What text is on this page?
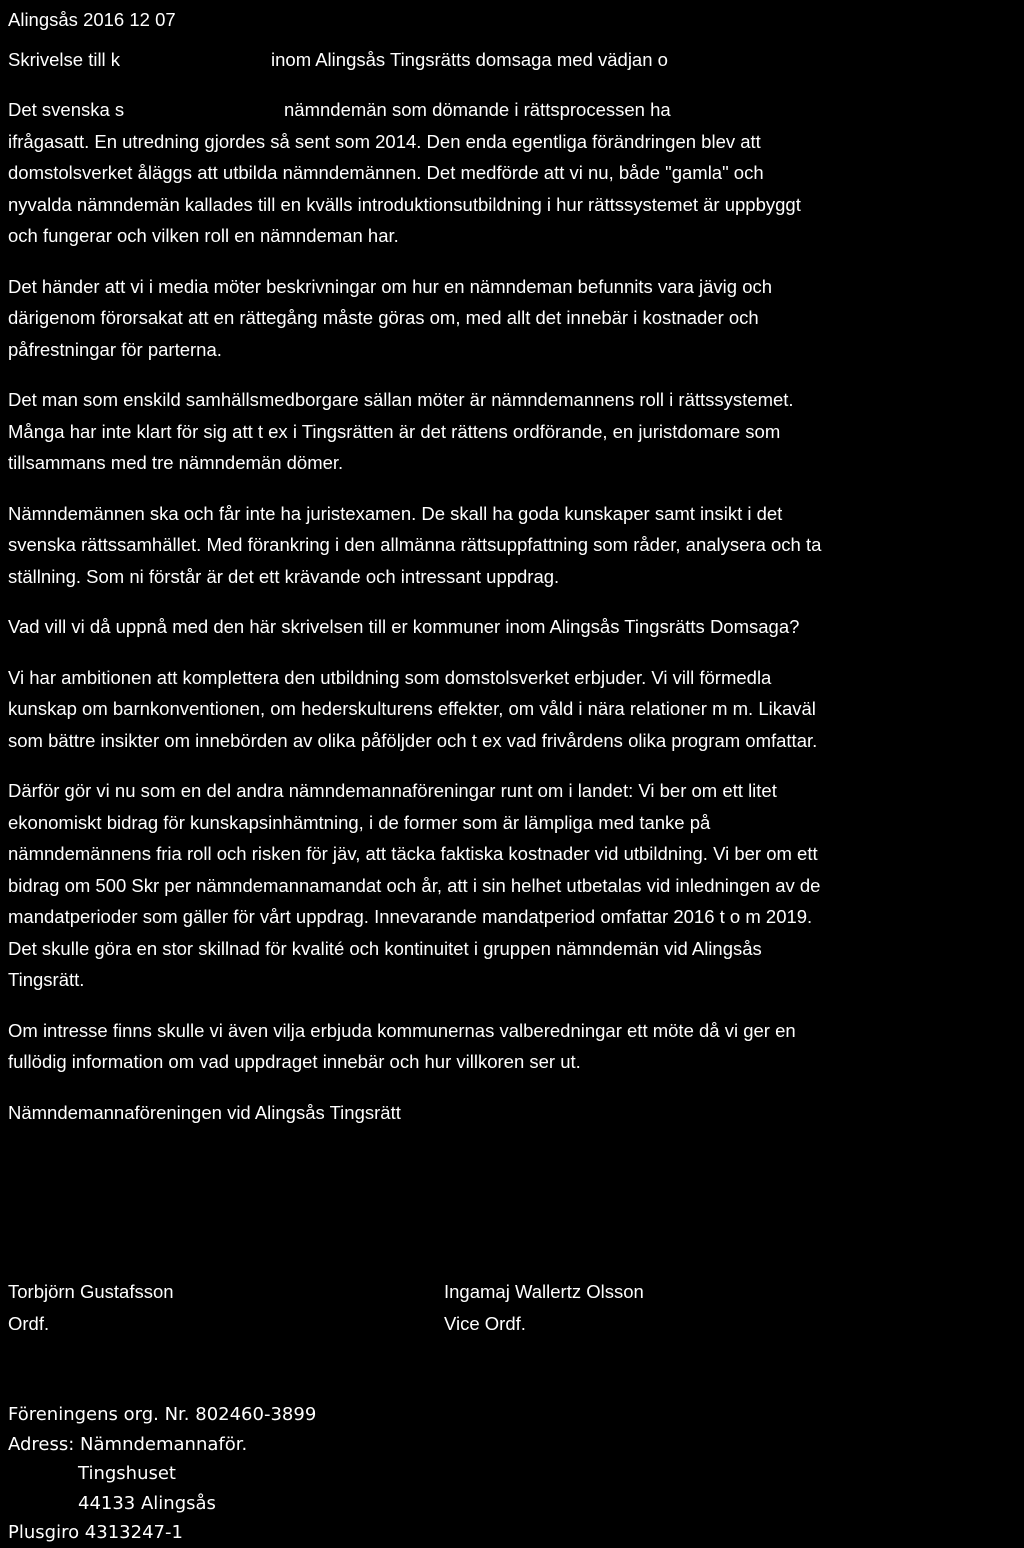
Alingsås 2016 12 07
Skrivelse till k	inom Alingsås Tingsrätts domsaga med vädjan o
Det svenska s	nämndemän som dömande i rättsprocessen ha
ifrågasatt. En utredning gjordes så sent som 2014. Den enda egentliga förändringen blev att
domstolsverket åläggs att utbilda nämndemännen. Det medförde att vi nu, både "gamla" och
nyvalda nämndemän kallades till en kvälls introduktionsutbildning i hur rättssystemet är uppbyggt
och fungerar och vilken roll en nämndeman har.
Det händer att vi i media möter beskrivningar om hur en nämndeman befunnits vara jävig och
därigenom förorsakat att en rättegång måste göras om, med allt det innebär i kostnader och
påfrestningar för parterna.
Det man som enskild samhällsmedborgare sällan möter är nämndemannens roll i rättssystemet.
Många har inte klart för sig att t ex i Tingsrätten är det rättens ordförande, en juristdomare som
tillsammans med tre nämndemän dömer.
Nämndemännen ska och får inte ha juristexamen. De skall ha goda kunskaper samt insikt i det
svenska rättssamhället. Med förankring i den allmänna rättsuppfattning som råder, analysera och ta
ställning. Som ni förstår är det ett krävande och intressant uppdrag.
Vad vill vi då uppnå med den här skrivelsen till er kommuner inom Alingsås Tingsrätts Domsaga?
Vi har ambitionen att komplettera den utbildning som domstolsverket erbjuder. Vi vill förmedla
kunskap om barnkonventionen, om hederskulturens effekter, om våld i nära relationer m m. Likaväl
som bättre insikter om innebörden av olika påföljder och t ex vad frivårdens olika program omfattar.
Därför gör vi nu som en del andra nämndemannaföreningar runt om i landet: Vi ber om ett litet
ekonomiskt bidrag för kunskapsinhämtning, i de former som är lämpliga med tanke på
nämndemännens fria roll och risken för jäv, att täcka faktiska kostnader vid utbildning. Vi ber om ett
bidrag om 500 Skr per nämndemannamandat och år, att i sin helhet utbetalas vid inledningen av de
mandatperioder som gäller för vårt uppdrag. Innevarande mandatperiod omfattar 2016 t o m 2019.
Det skulle göra en stor skillnad för kvalité och kontinuitet i gruppen nämndemän vid Alingsås
Tingsrätt.
Om intresse finns skulle vi även vilja erbjuda kommunernas valberedningar ett möte då vi ger en
fullödig information om vad uppdraget innebär och hur villkoren ser ut.
Nämndemannaföreningen vid Alingsås Tingsrätt
Torbjörn Gustafsson
Ordf.
Ingamaj Wallertz Olsson
Vice Ordf.
Föreningens org. Nr. 802460-3899
Adress: Nämndemannaför.
Tingshuset
44133 Alingsås
Plusgiro 4313247-1
